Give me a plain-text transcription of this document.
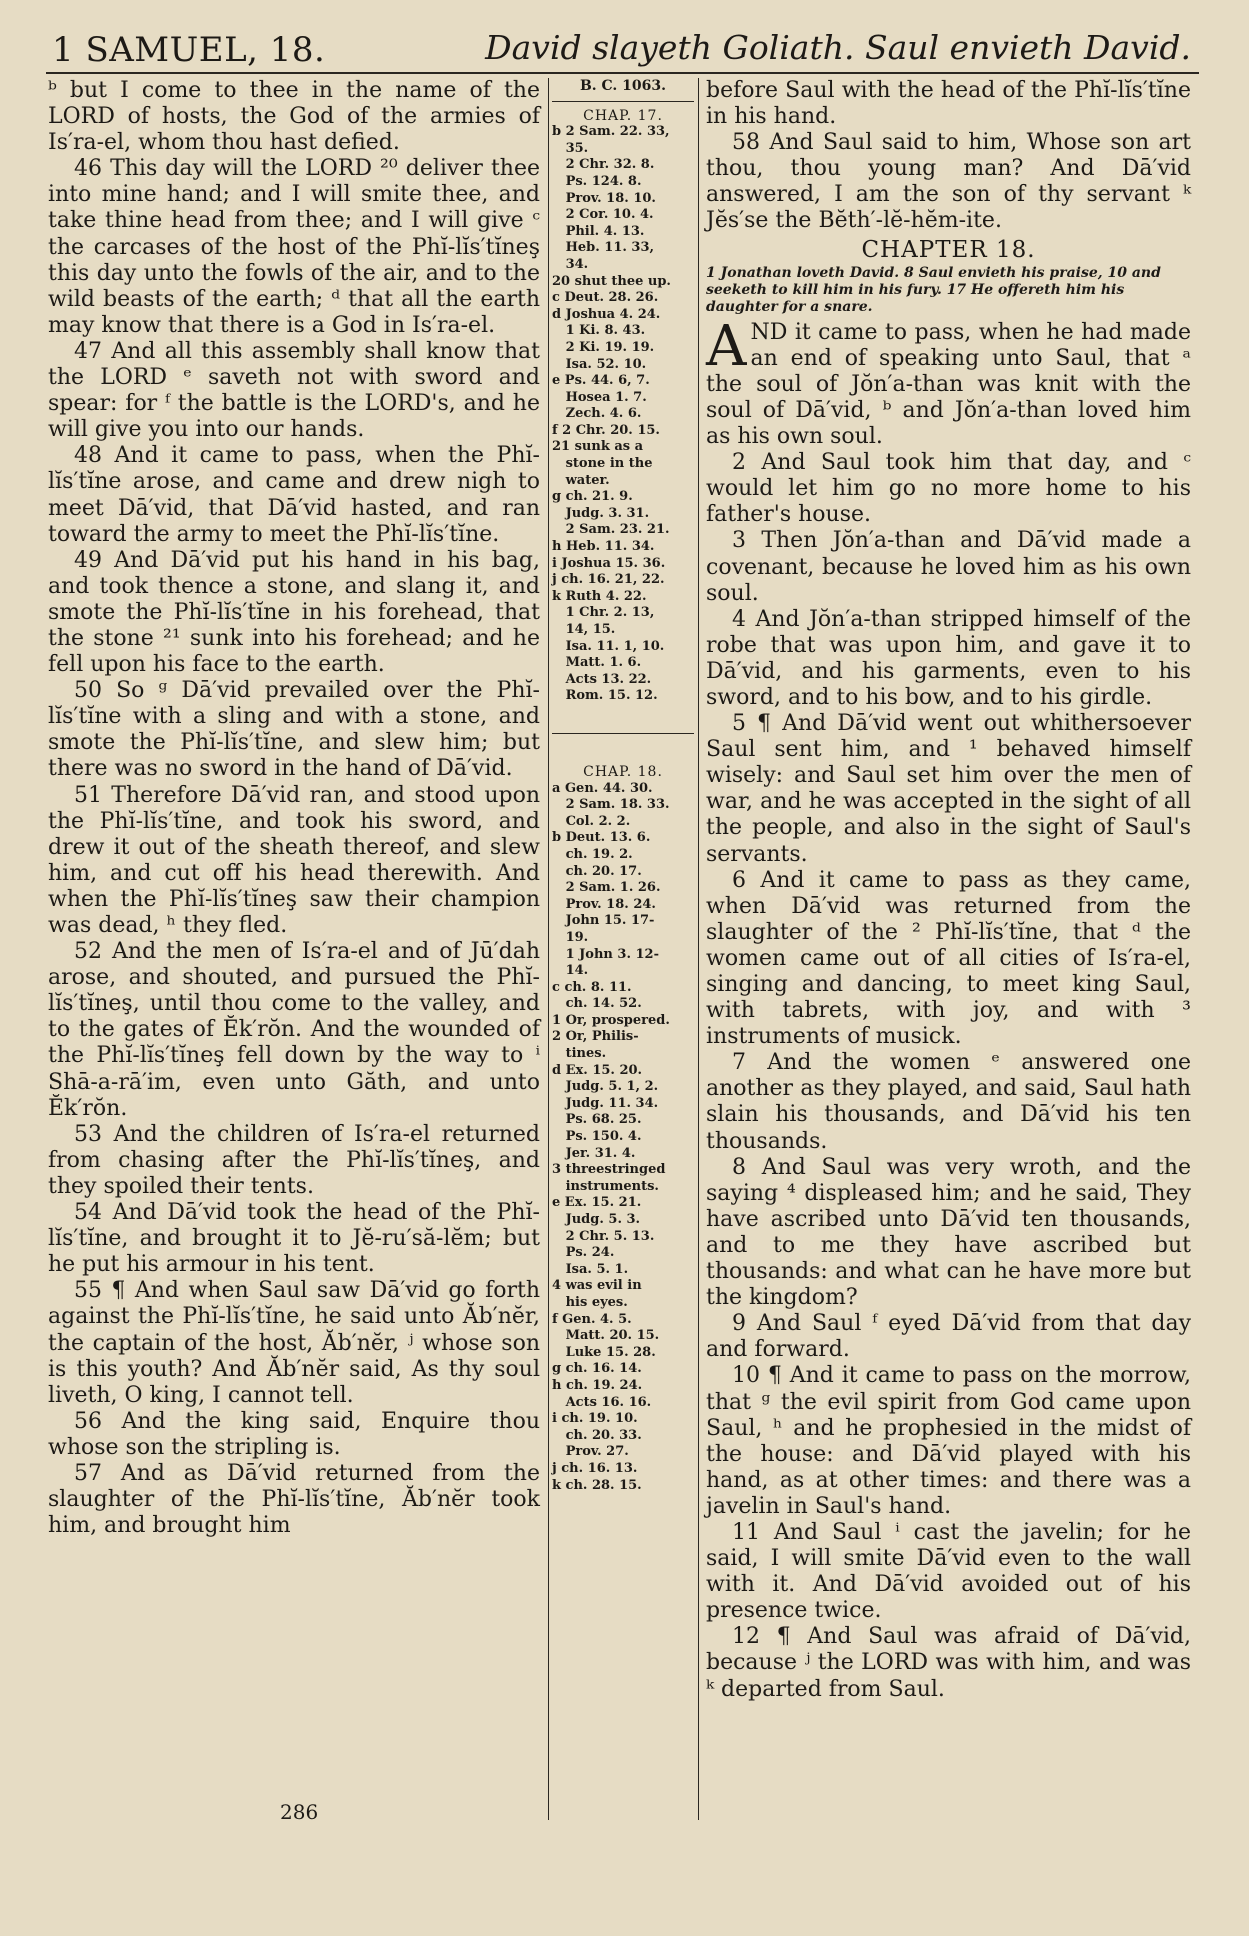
1 SAMUEL, 18.	David slayeth Goliath. Saul envieth David.

ᵇ but I come to thee in the name of the LORD of hosts, the God of the armies of Is′ra-el, whom thou hast defied.

46 This day will the LORD ²⁰ deliver thee into mine hand; and I will smite thee, and take thine head from thee; and I will give ᶜ the carcases of the host of the Phĭ-lĭs′tĭneş this day unto the fowls of the air, and to the wild beasts of the earth; ᵈ that all the earth may know that there is a God in Is′ra-el.

47 And all this assembly shall know that the LORD ᵉ saveth not with sword and spear: for ᶠ the battle is the LORD's, and he will give you into our hands.

48 And it came to pass, when the Phĭ-lĭs′tĭne arose, and came and drew nigh to meet Dā′vid, that Dā′vid hasted, and ran toward the army to meet the Phĭ-lĭs′tĭne.

49 And Dā′vid put his hand in his bag, and took thence a stone, and slang it, and smote the Phĭ-lĭs′tĭne in his forehead, that the stone ²¹ sunk into his forehead; and he fell upon his face to the earth.

50 So ᵍ Dā′vid prevailed over the Phĭ-lĭs′tĭne with a sling and with a stone, and smote the Phĭ-lĭs′tĭne, and slew him; but there was no sword in the hand of Dā′vid.

51 Therefore Dā′vid ran, and stood upon the Phĭ-lĭs′tĭne, and took his sword, and drew it out of the sheath thereof, and slew him, and cut off his head therewith. And when the Phĭ-lĭs′tĭneş saw their champion was dead, ʰ they fled.

52 And the men of Is′ra-el and of Jū′dah arose, and shouted, and pursued the Phĭ-lĭs′tĭneş, until thou come to the valley, and to the gates of Ĕk′rŏn. And the wounded of the Phĭ-lĭs′tĭneş fell down by the way to ⁱ Shā-a-rā′im, even unto Găth, and unto Ĕk′rŏn.

53 And the children of Is′ra-el returned from chasing after the Phĭ-lĭs′tĭneş, and they spoiled their tents.

54 And Dā′vid took the head of the Phĭ-lĭs′tĭne, and brought it to Jĕ-ru′să-lĕm; but he put his armour in his tent.

55 ¶ And when Saul saw Dā′vid go forth against the Phĭ-lĭs′tĭne, he said unto Ăb′nĕr, the captain of the host, Ăb′nĕr, ʲ whose son is this youth? And Ăb′nĕr said, As thy soul liveth, O king, I cannot tell.

56 And the king said, Enquire thou whose son the stripling is.

57 And as Dā′vid returned from the slaughter of the Phĭ-lĭs′tĭne, Ăb′nĕr took him, and brought him

B. C. 1063.
CHAP. 17.
b 2 Sam. 22. 33,
35.
2 Chr. 32. 8.
Ps. 124. 8.
Prov. 18. 10.
2 Cor. 10. 4.
Phil. 4. 13.
Heb. 11. 33,
34.
20 shut thee up.
c Deut. 28. 26.
d Joshua 4. 24.
1 Ki. 8. 43.
2 Ki. 19. 19.
Isa. 52. 10.
e Ps. 44. 6, 7.
Hosea 1. 7.
Zech. 4. 6.
f 2 Chr. 20. 15.
21 sunk as a
stone in the
water.
g ch. 21. 9.
Judg. 3. 31.
2 Sam. 23. 21.
h Heb. 11. 34.
i Joshua 15. 36.
j ch. 16. 21, 22.
k Ruth 4. 22.
1 Chr. 2. 13,
14, 15.
Isa. 11. 1, 10.
Matt. 1. 6.
Acts 13. 22.
Rom. 15. 12.
CHAP. 18.
a Gen. 44. 30.
2 Sam. 18. 33.
Col. 2. 2.
b Deut. 13. 6.
ch. 19. 2.
ch. 20. 17.
2 Sam. 1. 26.
Prov. 18. 24.
John 15. 17-
19.
1 John 3. 12-
14.
c ch. 8. 11.
ch. 14. 52.
1 Or, prospered.
2 Or, Philis-
tines.
d Ex. 15. 20.
Judg. 5. 1, 2.
Judg. 11. 34.
Ps. 68. 25.
Ps. 150. 4.
Jer. 31. 4.
3 threestringed
instruments.
e Ex. 15. 21.
Judg. 5. 3.
2 Chr. 5. 13.
Ps. 24.
Isa. 5. 1.
4 was evil in
his eyes.
f Gen. 4. 5.
Matt. 20. 15.
Luke 15. 28.
g ch. 16. 14.
h ch. 19. 24.
Acts 16. 16.
i ch. 19. 10.
ch. 20. 33.
Prov. 27.
j ch. 16. 13.
k ch. 28. 15.

before Saul with the head of the Phĭ-lĭs′tĭne in his hand.

58 And Saul said to him, Whose son art thou, thou young man? And Dā′vid answered, I am the son of thy servant ᵏ Jĕs′se the Bĕth′-lĕ-hĕm-ite.

CHAPTER 18.
1 Jonathan loveth David. 8 Saul envieth his praise, 10 and seeketh to kill him in his fury. 17 He offereth him his daughter for a snare.

AND it came to pass, when he had made an end of speaking unto Saul, that ᵃ the soul of Jŏn′a-than was knit with the soul of Dā′vid, ᵇ and Jŏn′a-than loved him as his own soul.

2 And Saul took him that day, and ᶜ would let him go no more home to his father's house.

3 Then Jŏn′a-than and Dā′vid made a covenant, because he loved him as his own soul.

4 And Jŏn′a-than stripped himself of the robe that was upon him, and gave it to Dā′vid, and his garments, even to his sword, and to his bow, and to his girdle.

5 ¶ And Dā′vid went out whithersoever Saul sent him, and ¹ behaved himself wisely: and Saul set him over the men of war, and he was accepted in the sight of all the people, and also in the sight of Saul's servants.

6 And it came to pass as they came, when Dā′vid was returned from the slaughter of the ² Phĭ-lĭs′tĭne, that ᵈ the women came out of all cities of Is′ra-el, singing and dancing, to meet king Saul, with tabrets, with joy, and with ³ instruments of musick.

7 And the women ᵉ answered one another as they played, and said, Saul hath slain his thousands, and Dā′vid his ten thousands.

8 And Saul was very wroth, and the saying ⁴ displeased him; and he said, They have ascribed unto Dā′vid ten thousands, and to me they have ascribed but thousands: and what can he have more but the kingdom?

9 And Saul ᶠ eyed Dā′vid from that day and forward.

10 ¶ And it came to pass on the morrow, that ᵍ the evil spirit from God came upon Saul, ʰ and he prophesied in the midst of the house: and Dā′vid played with his hand, as at other times: and there was a javelin in Saul's hand.

11 And Saul ⁱ cast the javelin; for he said, I will smite Dā′vid even to the wall with it. And Dā′vid avoided out of his presence twice.

12 ¶ And Saul was afraid of Dā′vid, because ʲ the LORD was with him, and was ᵏ departed from Saul.

286
